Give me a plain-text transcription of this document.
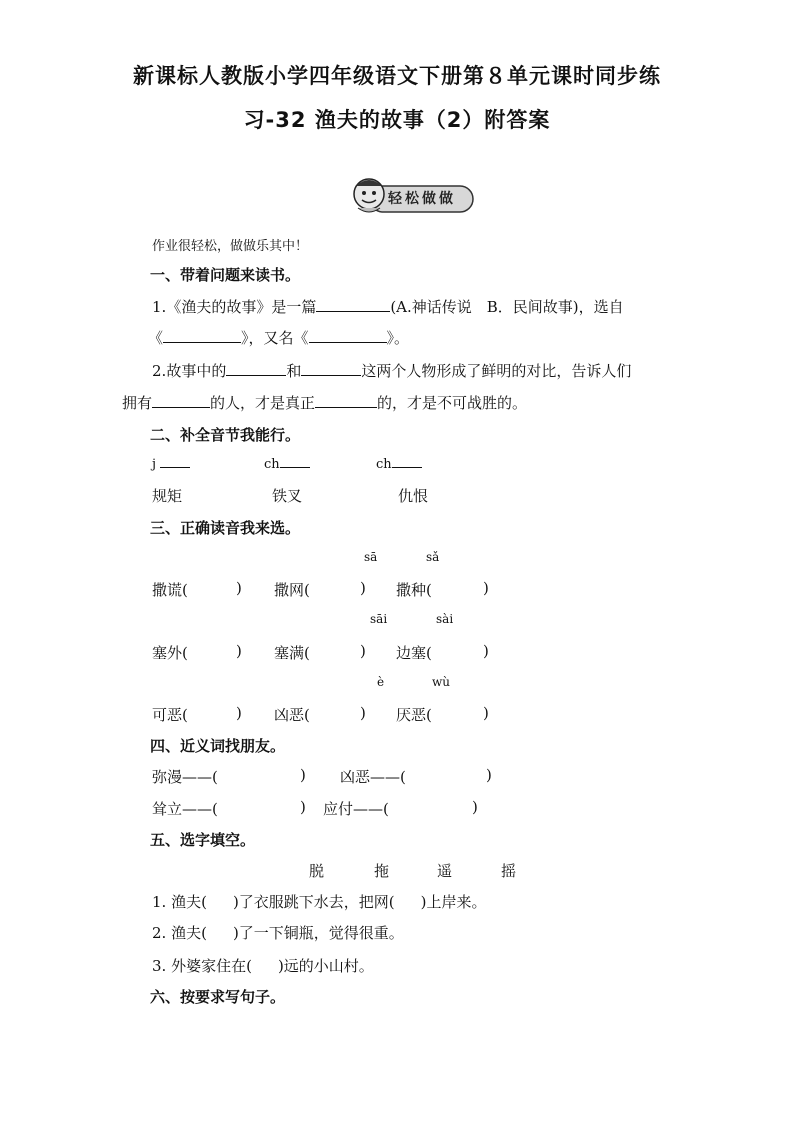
新课标人教版小学四年级语文下册第８单元课时同步练
习-32 渔夫的故事（2）附答案
轻松做做
作业很轻松，做做乐其中！
一、带着问题来读书。
1.《渔夫的故事》是一篇	(A.神话传说　B．民间故事)，选自
《	》，又名《	》。
2.故事中的	和	这两个人物形成了鲜明的对比，告诉人们
拥有	的人，才是真正	的，才是不可战胜的。
二、补全音节我能行。
j	ch	ch
规矩	铁叉	仇恨
三、正确读音我来选。
sā	sǎ
撒谎(	) 撒网(	) 撒种(	)
sāi	sài
塞外(	) 塞满(	) 边塞(	)
è	wù
可恶(	) 凶恶(	) 厌恶(	)
四、近义词找朋友。
弥漫——(	) 凶恶——(	)
耸立——(	) 应付——(	)
五、选字填空。
脱	拖	遥	摇
1. 渔夫( )了衣服跳下水去，把网( )上岸来。
2. 渔夫( )了一下铜瓶，觉得很重。
3. 外婆家住在( )远的小山村。
六、按要求写句子。
